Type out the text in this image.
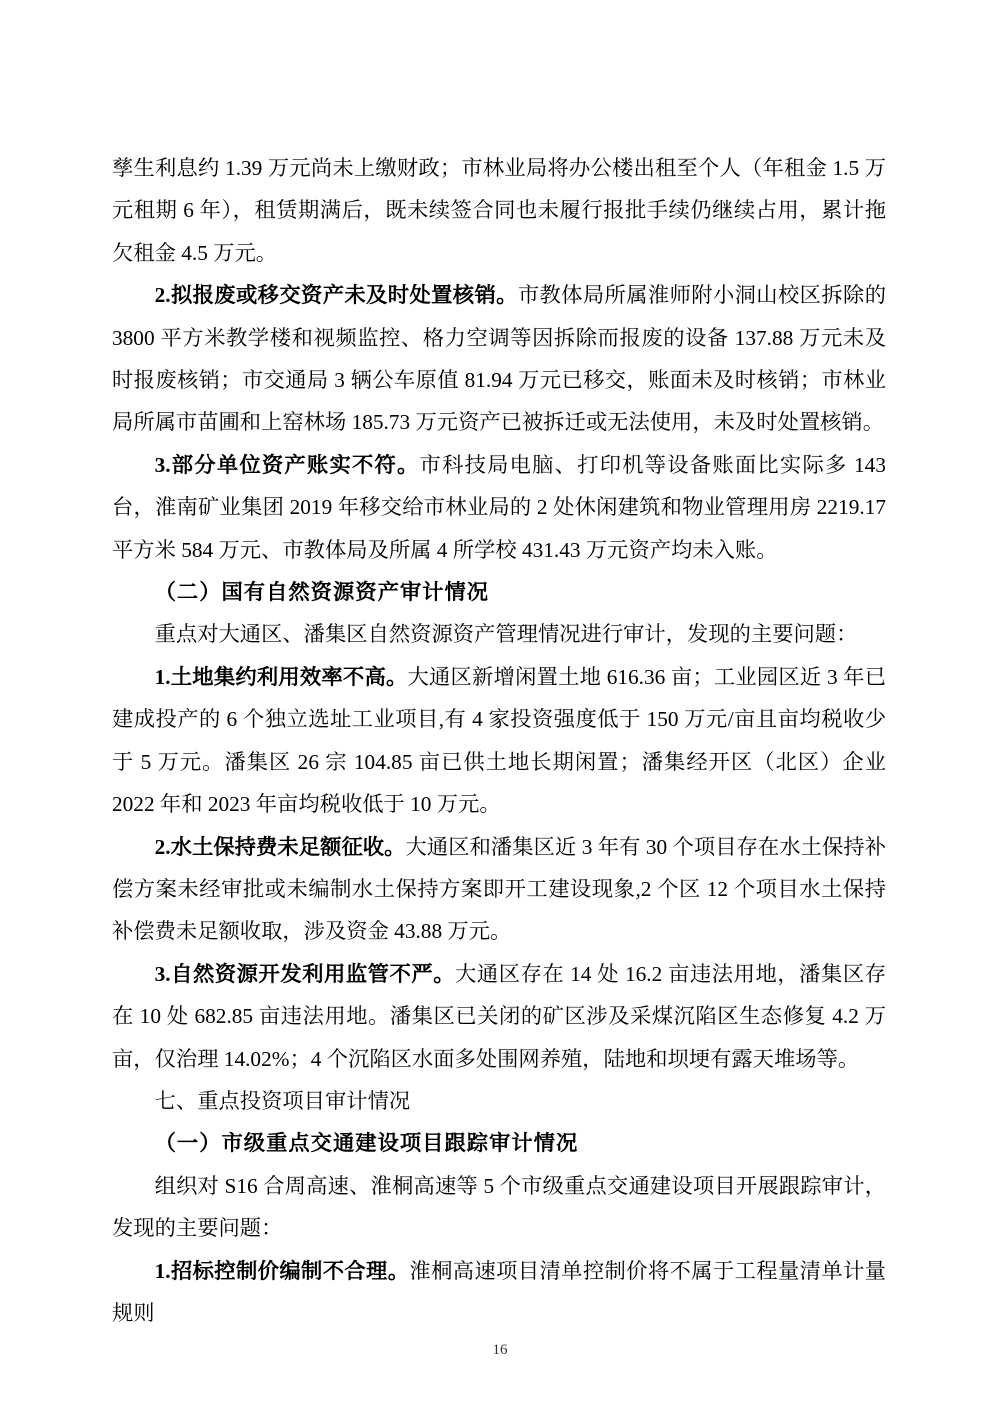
孳生利息约 1.39 万元尚未上缴财政；市林业局将办公楼出租至个人（年租金 1.5 万元租期 6 年），租赁期满后，既未续签合同也未履行报批手续仍继续占用，累计拖欠租金 4.5 万元。

2.拟报废或移交资产未及时处置核销。市教体局所属淮师附小洞山校区拆除的 3800 平方米教学楼和视频监控、格力空调等因拆除而报废的设备 137.88 万元未及时报废核销；市交通局 3 辆公车原值 81.94 万元已移交，账面未及时核销；市林业局所属市苗圃和上窑林场 185.73 万元资产已被拆迁或无法使用，未及时处置核销。

3.部分单位资产账实不符。市科技局电脑、打印机等设备账面比实际多 143 台，淮南矿业集团 2019 年移交给市林业局的 2 处休闲建筑和物业管理用房 2219.17 平方米 584 万元、市教体局及所属 4 所学校 431.43 万元资产均未入账。

（二）国有自然资源资产审计情况

重点对大通区、潘集区自然资源资产管理情况进行审计，发现的主要问题：

1.土地集约利用效率不高。大通区新增闲置土地 616.36 亩；工业园区近 3 年已建成投产的 6 个独立选址工业项目,有 4 家投资强度低于 150 万元/亩且亩均税收少于 5 万元。潘集区 26 宗 104.85 亩已供土地长期闲置；潘集经开区（北区）企业 2022 年和 2023 年亩均税收低于 10 万元。

2.水土保持费未足额征收。大通区和潘集区近 3 年有 30 个项目存在水土保持补偿方案未经审批或未编制水土保持方案即开工建设现象,2 个区 12 个项目水土保持补偿费未足额收取，涉及资金 43.88 万元。

3.自然资源开发利用监管不严。大通区存在 14 处 16.2 亩违法用地，潘集区存在 10 处 682.85 亩违法用地。潘集区已关闭的矿区涉及采煤沉陷区生态修复 4.2 万亩，仅治理 14.02%；4 个沉陷区水面多处围网养殖，陆地和坝埂有露天堆场等。

七、重点投资项目审计情况

（一）市级重点交通建设项目跟踪审计情况

组织对 S16 合周高速、淮桐高速等 5 个市级重点交通建设项目开展跟踪审计，发现的主要问题：

1.招标控制价编制不合理。淮桐高速项目清单控制价将不属于工程量清单计量规则

16
